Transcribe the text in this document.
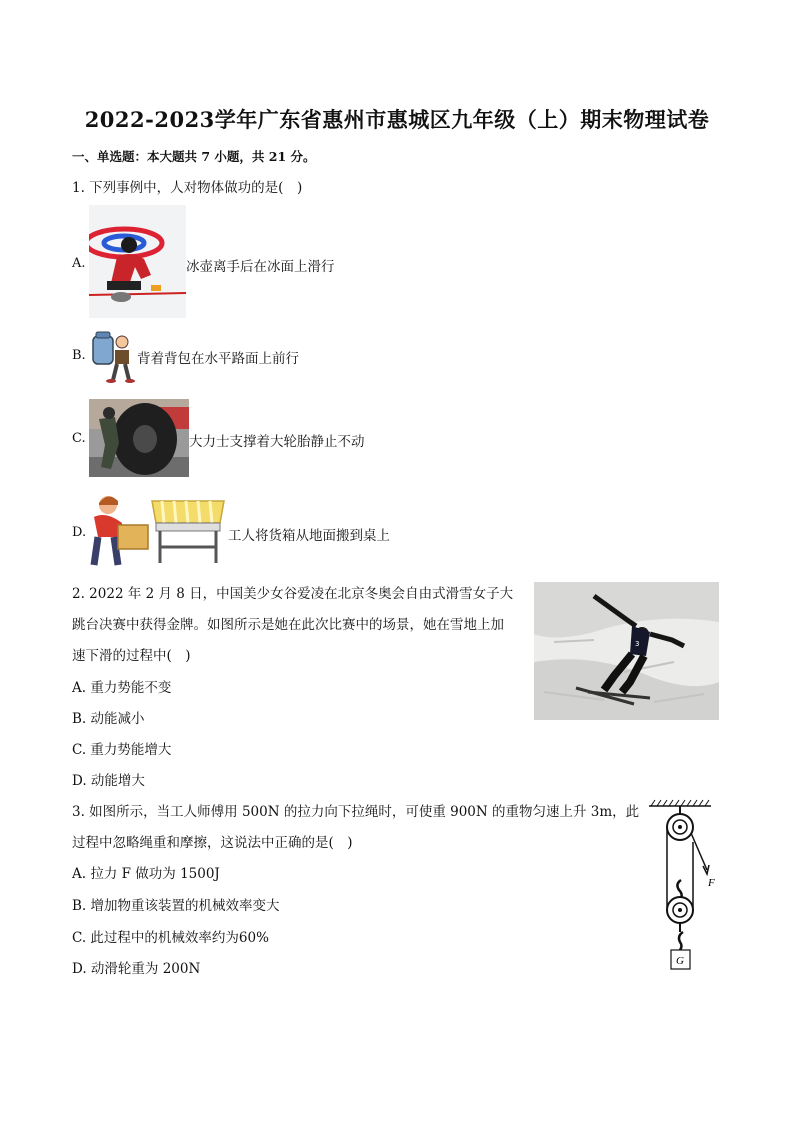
2022-2023学年广东省惠州市惠城区九年级（上）期末物理试卷
一、单选题：本大题共 7 小题，共 21 分。
1. 下列事例中，人对物体做功的是(　)
A.	冰壶离手后在冰面上滑行
B.	背着背包在水平路面上前行
C.	大力士支撑着大轮胎静止不动
D.	工人将货箱从地面搬到桌上
2. 2022 年 2 月 8 日，中国美少女谷爱凌在北京冬奥会自由式滑雪女子大
跳台决赛中获得金牌。如图所示是她在此次比赛中的场景，她在雪地上加
速下滑的过程中(　)
A. 重力势能不变
B. 动能减小
C. 重力势能增大
D. 动能增大
3
3. 如图所示，当工人师傅用 500N 的拉力向下拉绳时，可使重 900N 的重物匀速上升 3m，此
过程中忽略绳重和摩擦，这说法中正确的是(　)
A. 拉力 F 做功为 1500J
B. 增加物重该装置的机械效率变大
C. 此过程中的机械效率约为60%
D. 动滑轮重为 200N
F
G
